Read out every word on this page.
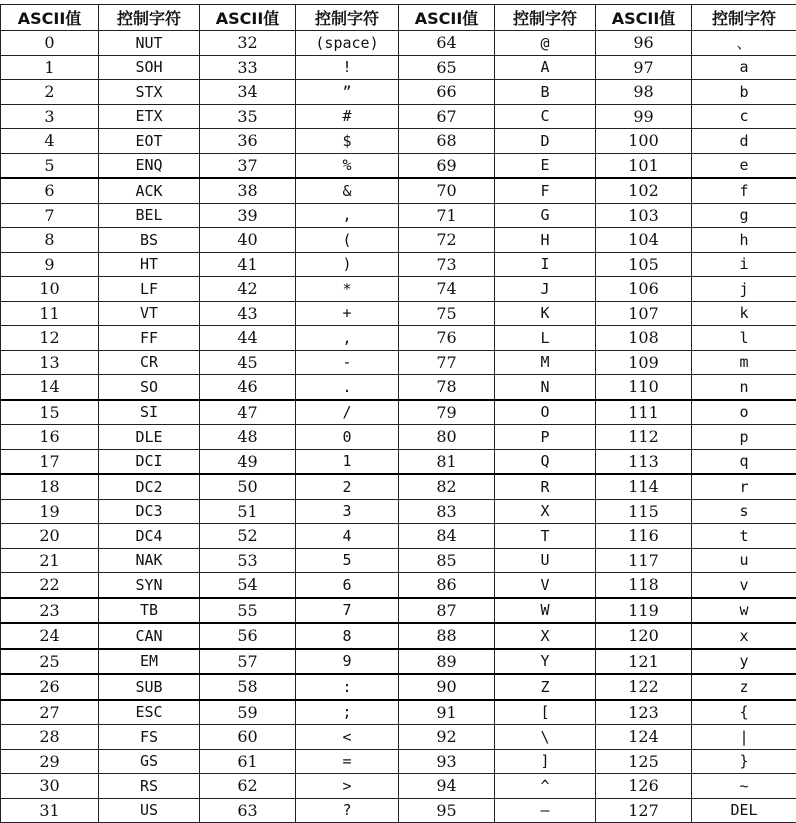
ASCII值	控制字符	ASCII值	控制字符	ASCII值	控制字符	ASCII值	控制字符
0	NUT	32	(space)	64	@	96	、
1	SOH	33	!	65	A	97	a
2	STX	34	”	66	B	98	b
3	ETX	35	#	67	C	99	c
4	EOT	36	$	68	D	100	d
5	ENQ	37	%	69	E	101	e
6	ACK	38	&	70	F	102	f
7	BEL	39	,	71	G	103	g
8	BS	40	(	72	H	104	h
9	HT	41	)	73	I	105	i
10	LF	42	*	74	J	106	j
11	VT	43	+	75	K	107	k
12	FF	44	,	76	L	108	l
13	CR	45	-	77	M	109	m
14	SO	46	.	78	N	110	n
15	SI	47	/	79	O	111	o
16	DLE	48	0	80	P	112	p
17	DCI	49	1	81	Q	113	q
18	DC2	50	2	82	R	114	r
19	DC3	51	3	83	X	115	s
20	DC4	52	4	84	T	116	t
21	NAK	53	5	85	U	117	u
22	SYN	54	6	86	V	118	v
23	TB	55	7	87	W	119	w
24	CAN	56	8	88	X	120	x
25	EM	57	9	89	Y	121	y
26	SUB	58	:	90	Z	122	z
27	ESC	59	;	91	[	123	{
28	FS	60	<	92	\	124	|
29	GS	61	=	93	]	125	}
30	RS	62	>	94	^	126	~
31	US	63	?	95	—	127	DEL
